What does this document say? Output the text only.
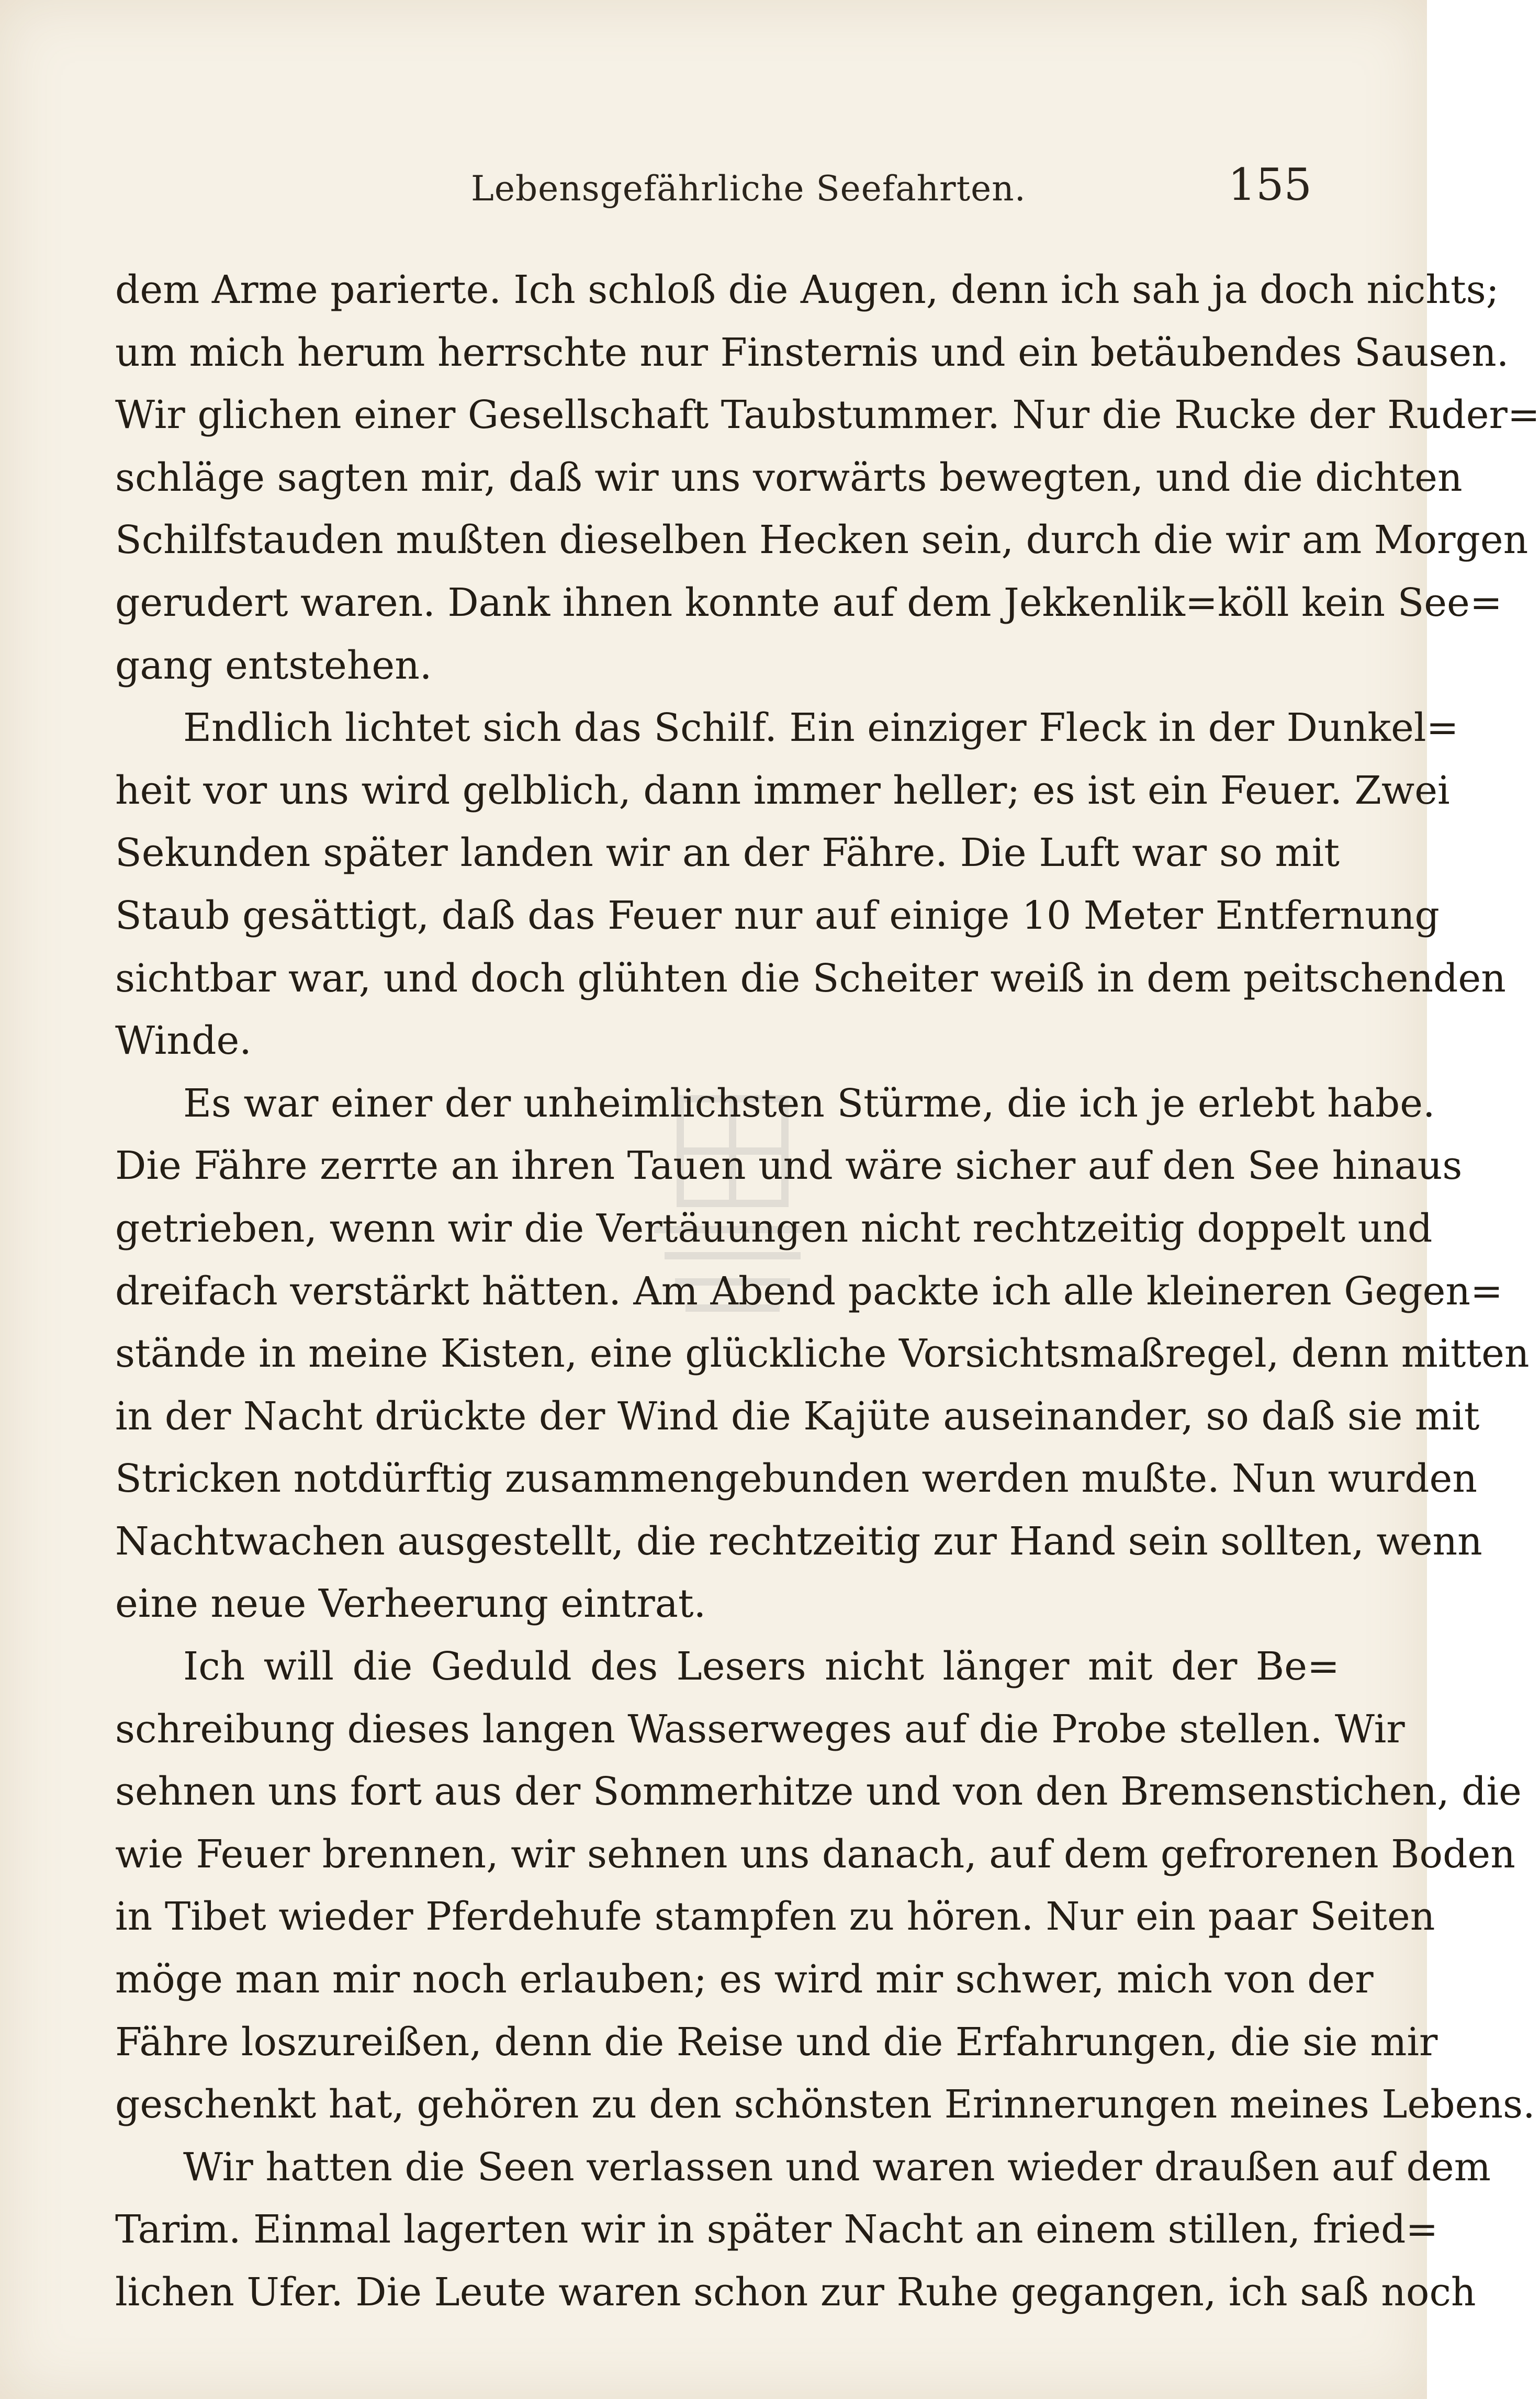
Lebensgefährliche Seefahrten.	155
dem Arme parierte. Ich schloß die Augen, denn ich sah ja doch nichts;
um mich herum herrschte nur Finsternis und ein betäubendes Sausen.
Wir glichen einer Gesellschaft Taubstummer. Nur die Rucke der Ruder=
schläge sagten mir, daß wir uns vorwärts bewegten, und die dichten
Schilfstauden mußten dieselben Hecken sein, durch die wir am Morgen
gerudert waren. Dank ihnen konnte auf dem Jekkenlik=köll kein See=
gang entstehen.
Endlich lichtet sich das Schilf. Ein einziger Fleck in der Dunkel=
heit vor uns wird gelblich, dann immer heller; es ist ein Feuer. Zwei
Sekunden später landen wir an der Fähre. Die Luft war so mit
Staub gesättigt, daß das Feuer nur auf einige 10 Meter Entfernung
sichtbar war, und doch glühten die Scheiter weiß in dem peitschenden
Winde.
Es war einer der unheimlichsten Stürme, die ich je erlebt habe.
Die Fähre zerrte an ihren Tauen und wäre sicher auf den See hinaus
getrieben, wenn wir die Vertäuungen nicht rechtzeitig doppelt und
dreifach verstärkt hätten. Am Abend packte ich alle kleineren Gegen=
stände in meine Kisten, eine glückliche Vorsichtsmaßregel, denn mitten
in der Nacht drückte der Wind die Kajüte auseinander, so daß sie mit
Stricken notdürftig zusammengebunden werden mußte. Nun wurden
Nachtwachen ausgestellt, die rechtzeitig zur Hand sein sollten, wenn
eine neue Verheerung eintrat.
Ich will die Geduld des Lesers nicht länger mit der Be=
schreibung dieses langen Wasserweges auf die Probe stellen. Wir
sehnen uns fort aus der Sommerhitze und von den Bremsenstichen, die
wie Feuer brennen, wir sehnen uns danach, auf dem gefrorenen Boden
in Tibet wieder Pferdehufe stampfen zu hören. Nur ein paar Seiten
möge man mir noch erlauben; es wird mir schwer, mich von der
Fähre loszureißen, denn die Reise und die Erfahrungen, die sie mir
geschenkt hat, gehören zu den schönsten Erinnerungen meines Lebens.
Wir hatten die Seen verlassen und waren wieder draußen auf dem
Tarim. Einmal lagerten wir in später Nacht an einem stillen, fried=
lichen Ufer. Die Leute waren schon zur Ruhe gegangen, ich saß noch
